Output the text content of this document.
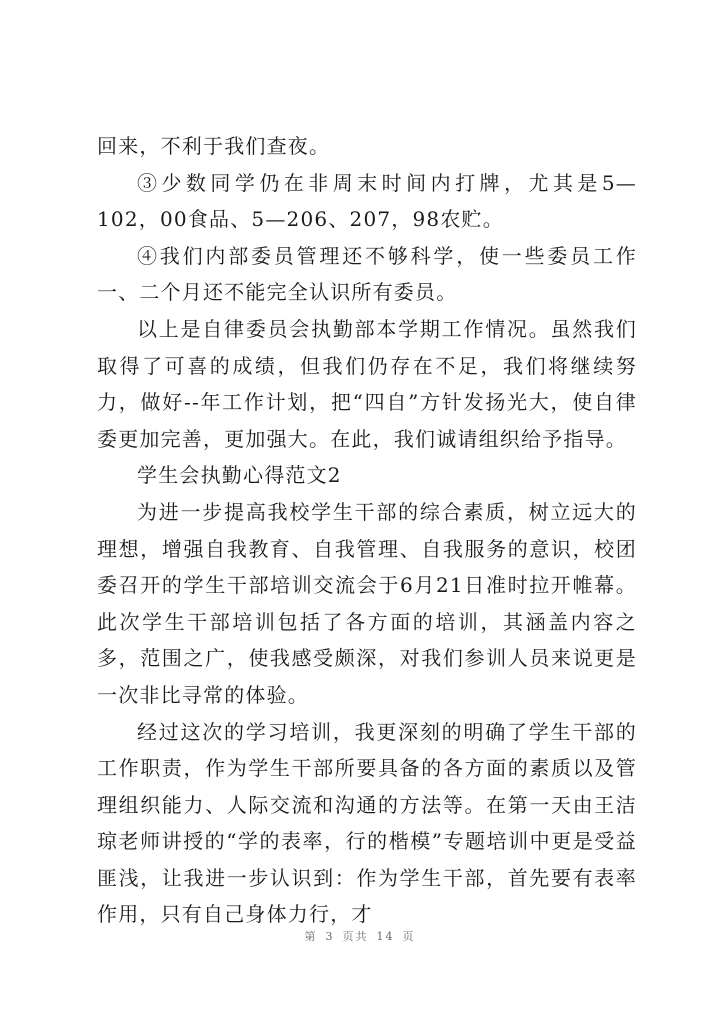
回来，不利于我们查夜。

③少数同学仍在非周末时间内打牌，尤其是5—102，00食品、5—206、207，98农贮。

④我们内部委员管理还不够科学，使一些委员工作一、二个月还不能完全认识所有委员。

以上是自律委员会执勤部本学期工作情况。虽然我们取得了可喜的成绩，但我们仍存在不足，我们将继续努力，做好--年工作计划，把“四自”方针发扬光大，使自律委更加完善，更加强大。在此，我们诚请组织给予指导。

学生会执勤心得范文2

为进一步提高我校学生干部的综合素质，树立远大的理想，增强自我教育、自我管理、自我服务的意识，校团委召开的学生干部培训交流会于6月21日准时拉开帷幕。此次学生干部培训包括了各方面的培训，其涵盖内容之多，范围之广，使我感受颇深，对我们参训人员来说更是一次非比寻常的体验。

经过这次的学习培训，我更深刻的明确了学生干部的工作职责，作为学生干部所要具备的各方面的素质以及管理组织能力、人际交流和沟通的方法等。在第一天由王洁琼老师讲授的“学的表率，行的楷模”专题培训中更是受益匪浅，让我进一步认识到：作为学生干部，首先要有表率作用，只有自己身体力行，才

第 3 页共 14 页
